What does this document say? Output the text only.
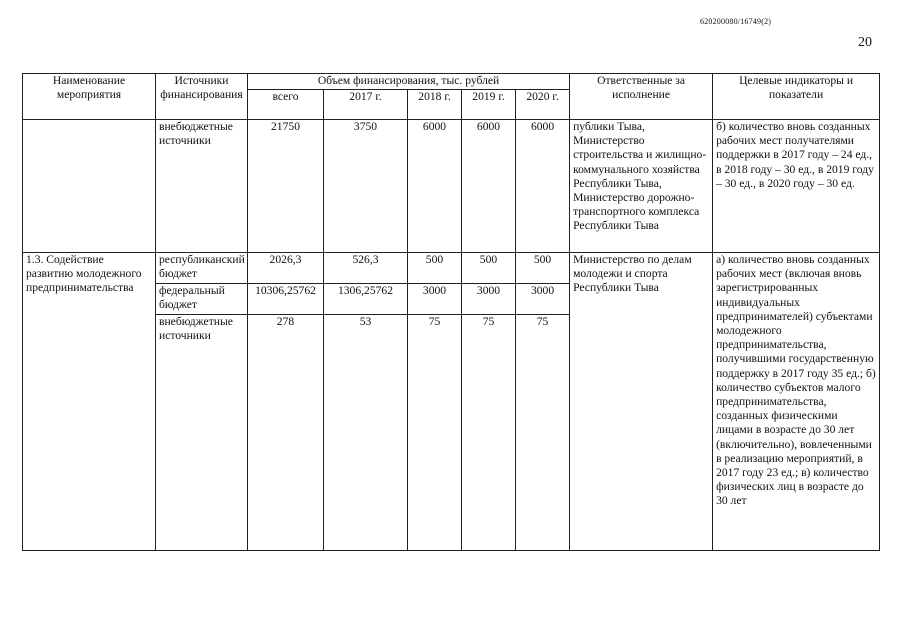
620200080/16749(2)
20
Наименование мероприятия	Источники финансирования	Объем финансирования, тыс. рублей					Ответственные за исполнение	Целевые индикаторы и показатели
		всего	2017 г.	2018 г.	2019 г.	2020 г.		
	внебюджетные источники	21750	3750	6000	6000	6000	публики Тыва, Министерство строительства и жилищно-коммунального хозяйства Республики Тыва, Министерство дорожно-транспортного комплекса Республики Тыва	б) количество вновь созданных рабочих мест получателями поддержки в 2017 году – 24 ед., в 2018 году – 30 ед., в 2019 году – 30 ед., в 2020 году – 30 ед.
1.3. Содействие развитию молодежного предпринимательства	республиканский бюджет	2026,3	526,3	500	500	500	Министерство по делам молодежи и спорта Республики Тыва	а) количество вновь созданных рабочих мест (включая вновь зарегистрированных индивидуальных предпринимателей) субъектами молодежного предпринимательства, получившими государственную поддержку в 2017 году 35 ед.; б) количество субъектов малого предпринимательства, созданных физическими лицами в возрасте до 30 лет (включительно), вовлеченными в реализацию мероприятий, в 2017 году 23 ед.; в) количество физических лиц в возрасте до 30 лет
	федеральный бюджет	10306,25762	1306,25762	3000	3000	3000		
	внебюджетные источники	278	53	75	75	75		
